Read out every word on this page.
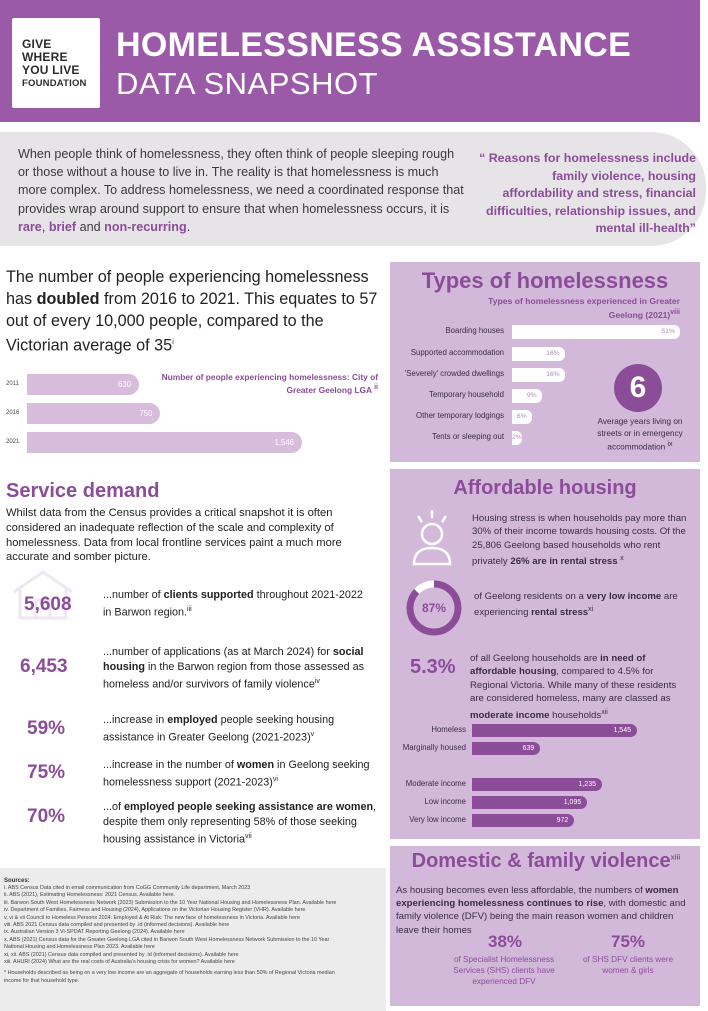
GIVE
WHERE
YOU LIVE
FOUNDATION
HOMELESSNESS ASSISTANCE
DATA SNAPSHOT
When people think of homelessness, they often think of people sleeping rough or those without a house to live in. The reality is that homelessness is much more complex. To address homelessness, we need a coordinated response that provides wrap around support to ensure that when homelessness occurs, it is rare, brief and non-recurring.
“ Reasons for homelessness include family violence, housing affordability and stress, financial difficulties, relationship issues, and mental ill-health”
The number of people experiencing homelessness has doubled from 2016 to 2021. This equates to 57 out of every 10,000 people, compared to the Victorian average of 35$^i$
Number of people experiencing homelessness: City of Greater Geelong LGA $^{ii}$
2011	630
2016	750
2021	1,546
Types of homelessness
Types of homelessness experienced in Greater Geelong $(2021)^{viii}$
Boarding houses	51%
Supported accommodation	16%
'Severely' crowded dwellings	16%
Temporary household	9%
Other temporary lodgings	6%
Tents or sleeping out 2%
6
Average years living on streets or in emergency accommodation $^{ix}$
Service demand
Whilst data from the Census provides a critical snapshot it is often considered an inadequate reflection of the scale and complexity of homelessness. Data from local frontline services paint a much more accurate and somber picture.
5,608	...number of clients supported throughout 2021-2022 in Barwon region.$^{iii}$
6,453
...number of applications (as at March 2024) for social housing in the Barwon region from those assessed as homeless and/or survivors of family violence$^{iv}$
59%	...increase in employed people seeking housing assistance in Greater Geelong (2021-2023)$^v$
75%	...increase in the number of women in Geelong seeking homelessness support (2021-2023)$^{vi}$
70%	...of employed people seeking assistance are women, despite them only representing 58% of those seeking housing assistance in Victoria$^{vii}$
Affordable housing
Housing stress is when households pay more than 30% of their income towards housing costs. Of the 25,806 Geelong based households who rent privately 26% are in rental stress $^x$
87%
of Geelong residents on a very low income are experiencing rental stress$^{xi}$
5.3% of all Geelong households are in need of affordable housing, compared to 4.5% for Regional Victoria. While many of these residents are considered homeless, many are classed as moderate income households$^{xii}$
Homeless	1,545
Marginally housed	639
Moderate income	1,235
Low income	1,095
Very low income	972
Sources:
i. ABS Census Data cited in email communication from CoGG Community Life department, March 2023
ii. ABS (2021), Estimating Homelessness: 2021 Census. Available here.
iii. Barwon South West Homelessness Network (2023) Submission to the 10 Year National Housing and Homelessness Plan. Available here
iv. Department of Families, Fairness and Housing (2024), Applications on the Victorian Housing Register (VHR). Available here
v, vi & vii Council to Homeless Persons 2024: Employed & At Risk: The new face of homelessness in Victoria. Available here
viii. ABS 2021 Census data compiled and presented by .id (informed decisions). Available here
ix. Australian Version 3 Vi-SPDAT Reporting Geelong (2024). Available here
x. ABS (2021) Census data for the Greater Geelong LGA cited in Barwon South West Homelessness Network Submission to the 10 Year
National Housing and Homelessness Plan 2023. Available here
xi, xii. ABS (2021) Census data compiled and presented by .id (informed decisions). Available here
xiii. AHURI (2024) What are the real costs of Australia's housing crisis for women? Available here
* Households described as being on a very low income are an aggregate of households earning less than 50% of Regional Victoria median
income for that household type.
Domestic & family violence$^{xiii}$
As housing becomes even less affordable, the numbers of women experiencing homelessness continues to rise, with domestic and family violence (DFV) being the main reason women and children leave their homes
38%
of Specialist Homelessness Services (SHS) clients have experienced DFV
75%
of SHS DFV clients were women & girls
